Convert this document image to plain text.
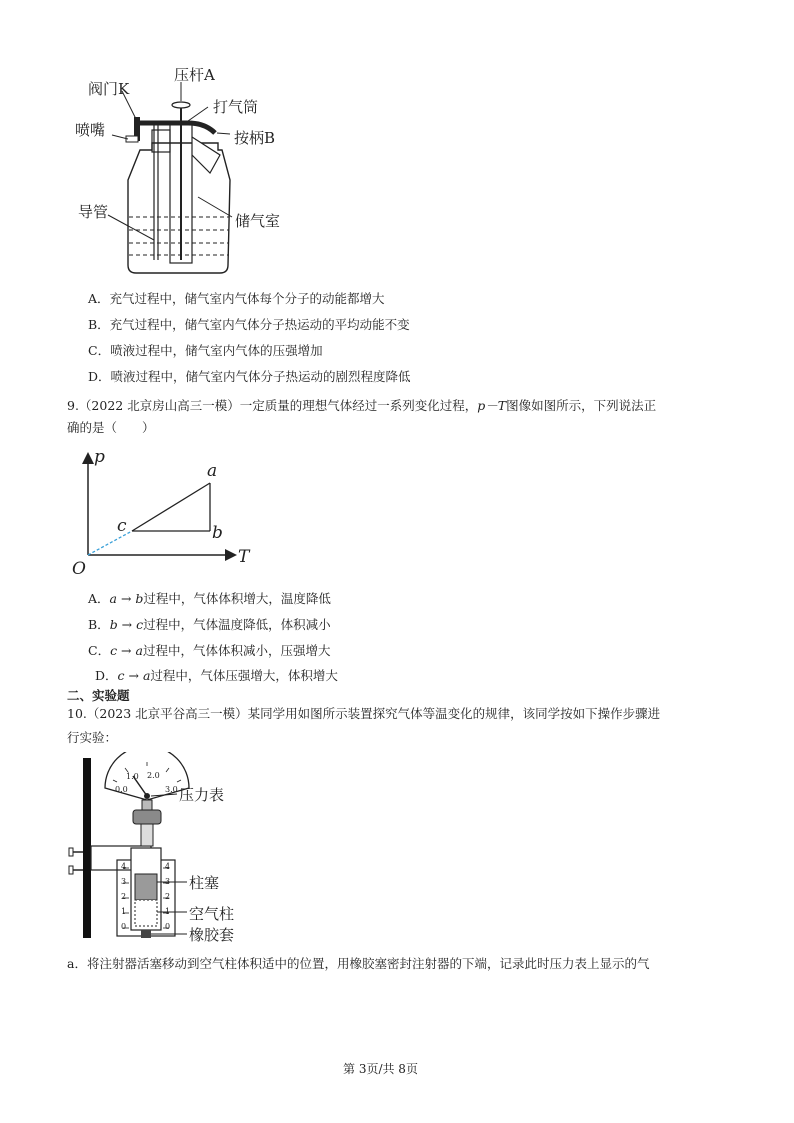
阀门K
压杆A
打气筒
喷嘴	按柄B
导管	储气室
A．充气过程中，储气室内气体每个分子的动能都增大
B．充气过程中，储气室内气体分子热运动的平均动能不变
C．喷液过程中，储气室内气体的压强增加
D．喷液过程中，储气室内气体分子热运动的剧烈程度降低
9.（2022 北京房山高三一模）一定质量的理想气体经过一系列变化过程，p－T图像如图所示，下列说法正
确的是（　　）
p
T
O
a
b
c
A．a → b过程中，气体体积增大，温度降低
B．b → c过程中，气体温度降低，体积减小
C．c → a过程中，气体体积减小，压强增大
D．c → a过程中，气体压强增大，体积增大
二、实验题
10.（2023 北京平谷高三一模）某同学用如图所示装置探究气体等温变化的规律，该同学按如下操作步骤进
行实验：
0.0
1.0 2.0
3.0
4
3
2
1
0
4
3
2
1
0
压力表
柱塞
空气柱
橡胶套
a．将注射器活塞移动到空气柱体积适中的位置，用橡胶塞密封注射器的下端，记录此时压力表上显示的气
第 3页/共 8页
